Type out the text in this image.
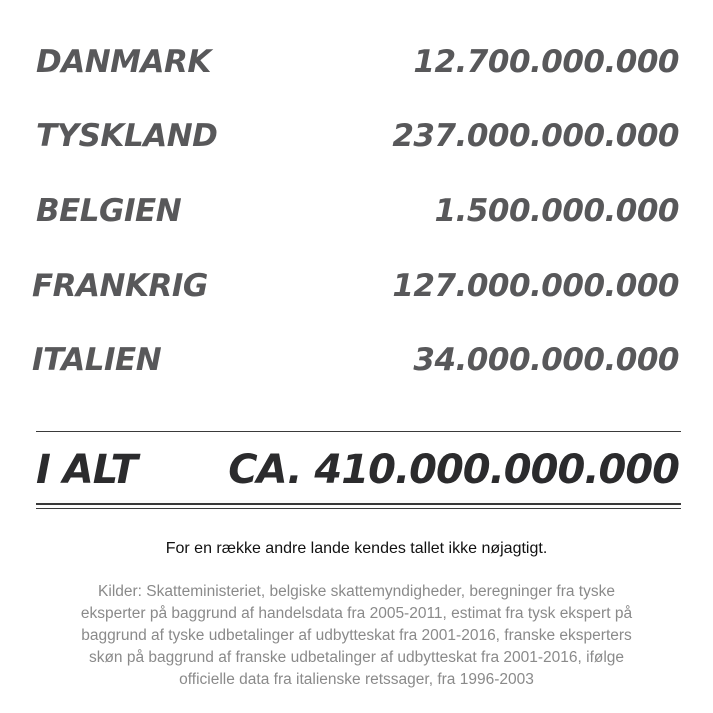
DANMARK	12.700.000.000
TYSKLAND	237.000.000.000
BELGIEN	1.500.000.000
FRANKRIG	127.000.000.000
ITALIEN	34.000.000.000
I ALT CA. 410.000.000.000
For en række andre lande kendes tallet ikke nøjagtigt.
Kilder: Skatteministeriet, belgiske skattemyndigheder, beregninger fra tyske
eksperter på baggrund af handelsdata fra 2005-2011, estimat fra tysk ekspert på
baggrund af tyske udbetalinger af udbytteskat fra 2001-2016, franske eksperters
skøn på baggrund af franske udbetalinger af udbytteskat fra 2001-2016, ifølge
officielle data fra italienske retssager, fra 1996-2003
